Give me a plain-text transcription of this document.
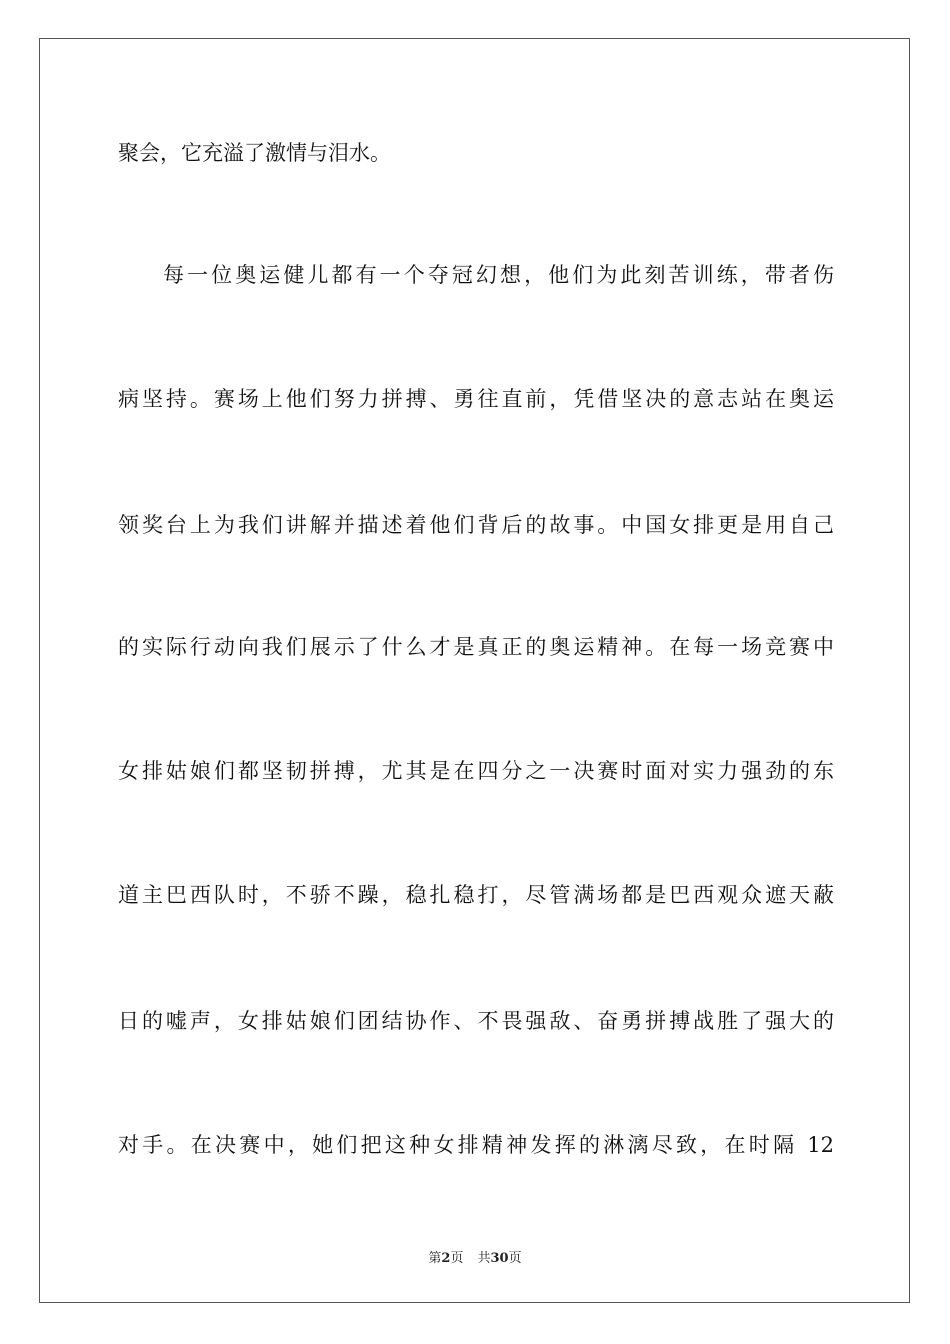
聚会，它充溢了激情与泪水。
每一位奥运健儿都有一个夺冠幻想，他们为此刻苦训练，带者伤
病坚持。赛场上他们努力拼搏、勇往直前，凭借坚决的意志站在奥运
领奖台上为我们讲解并描述着他们背后的故事。中国女排更是用自己
的实际行动向我们展示了什么才是真正的奥运精神。在每一场竞赛中
女排姑娘们都坚韧拼搏，尤其是在四分之一决赛时面对实力强劲的东
道主巴西队时，不骄不躁，稳扎稳打，尽管满场都是巴西观众遮天蔽
日的嘘声，女排姑娘们团结协作、不畏强敌、奋勇拼搏战胜了强大的
对手。在决赛中，她们把这种女排精神发挥的淋漓尽致，在时隔 12
第2页 共30页
